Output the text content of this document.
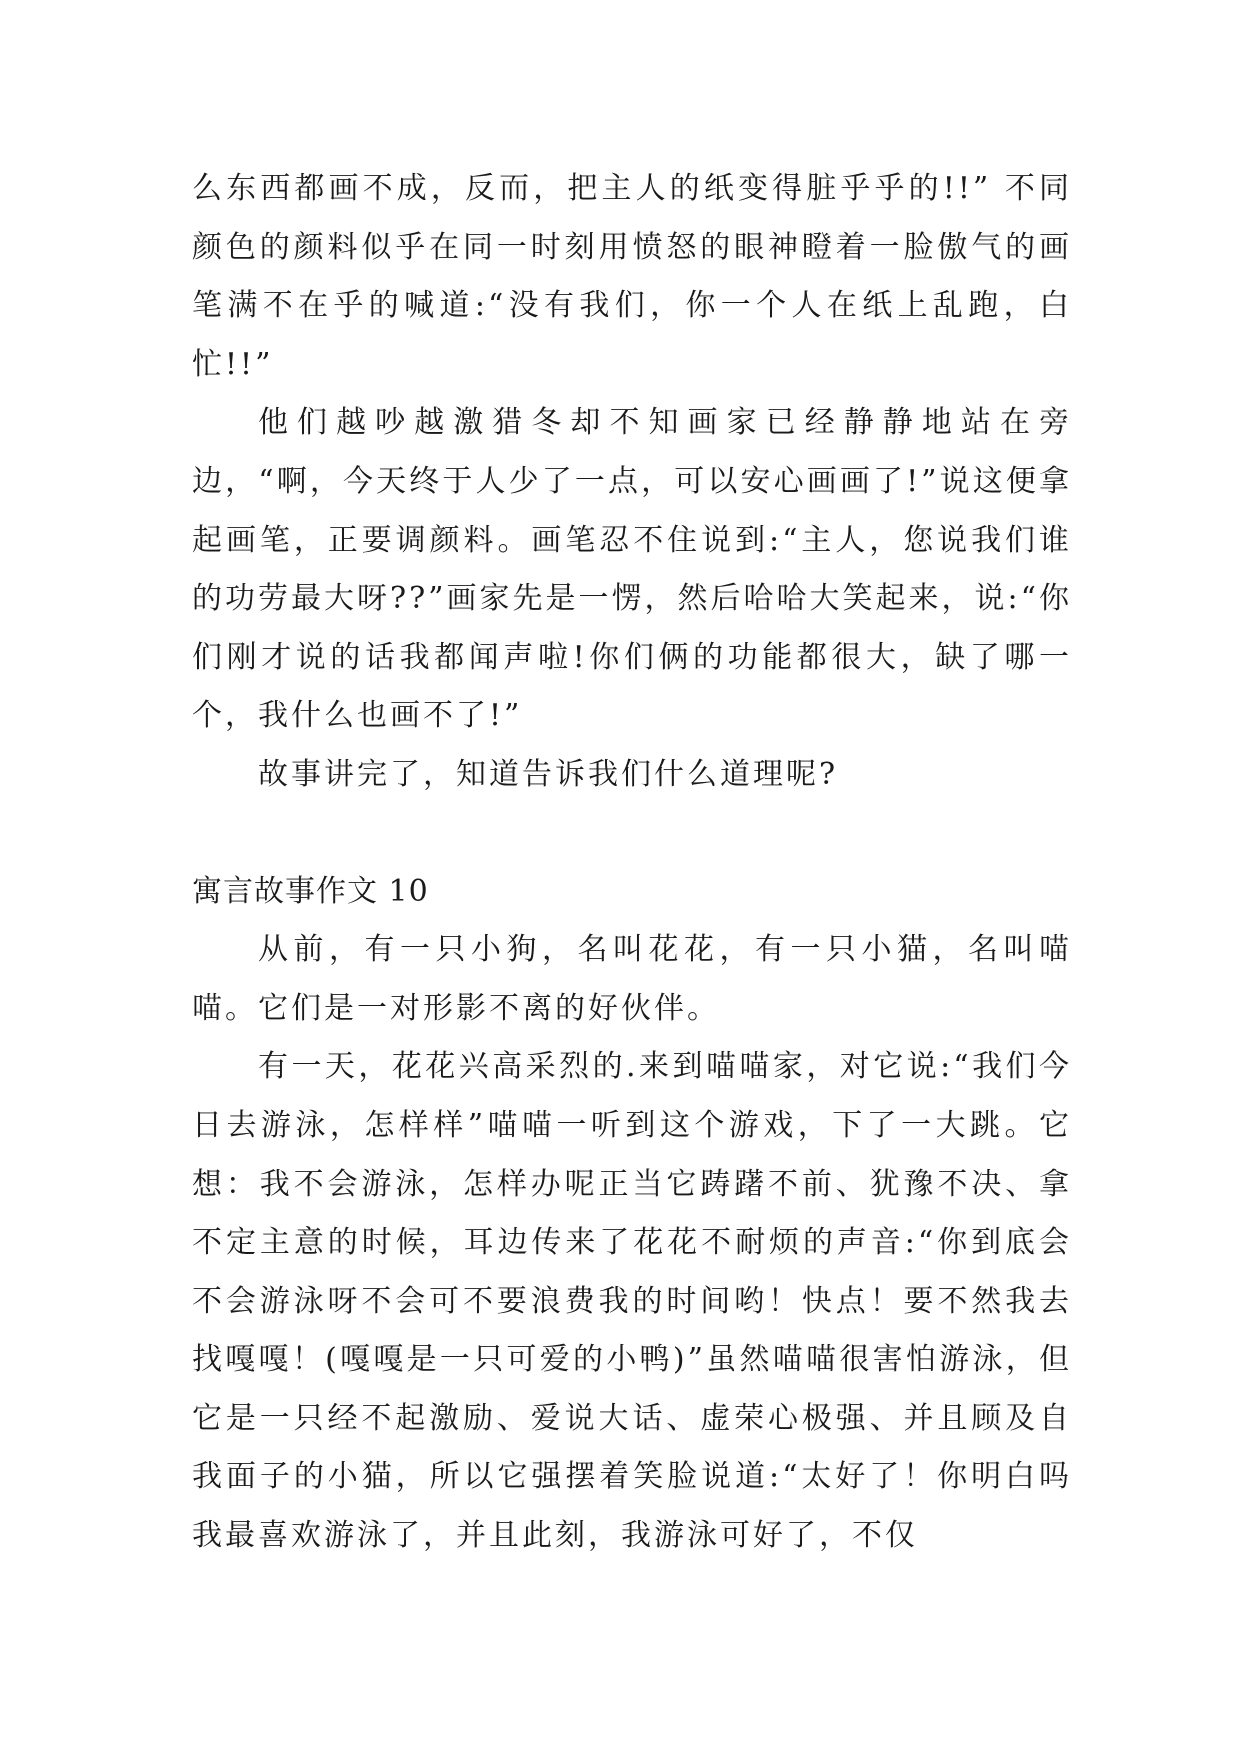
么东西都画不成，反而，把主人的纸变得脏乎乎的!!” 不同颜色的颜料似乎在同一时刻用愤怒的眼神瞪着一脸傲气的画笔满不在乎的喊道:“没有我们，你一个人在纸上乱跑，白忙!!”

他们越吵越激猎冬却不知画家已经静静地站在旁边，“啊，今天终于人少了一点，可以安心画画了!”说这便拿起画笔，正要调颜料。画笔忍不住说到:“主人，您说我们谁的功劳最大呀??”画家先是一愣，然后哈哈大笑起来，说:“你们刚才说的话我都闻声啦!你们俩的功能都很大，缺了哪一个，我什么也画不了!”

故事讲完了，知道告诉我们什么道理呢?

寓言故事作文 10

从前，有一只小狗，名叫花花，有一只小猫，名叫喵喵。它们是一对形影不离的好伙伴。

有一天，花花兴高采烈的.来到喵喵家，对它说:“我们今日去游泳，怎样样”喵喵一听到这个游戏，下了一大跳。它想：我不会游泳，怎样办呢正当它踌躇不前、犹豫不决、拿不定主意的时候，耳边传来了花花不耐烦的声音:“你到底会不会游泳呀不会可不要浪费我的时间哟！快点！要不然我去找嘎嘎！(嘎嘎是一只可爱的小鸭)”虽然喵喵很害怕游泳，但它是一只经不起激励、爱说大话、虚荣心极强、并且顾及自我面子的小猫，所以它强摆着笑脸说道:“太好了！你明白吗我最喜欢游泳了，并且此刻，我游泳可好了，不仅
